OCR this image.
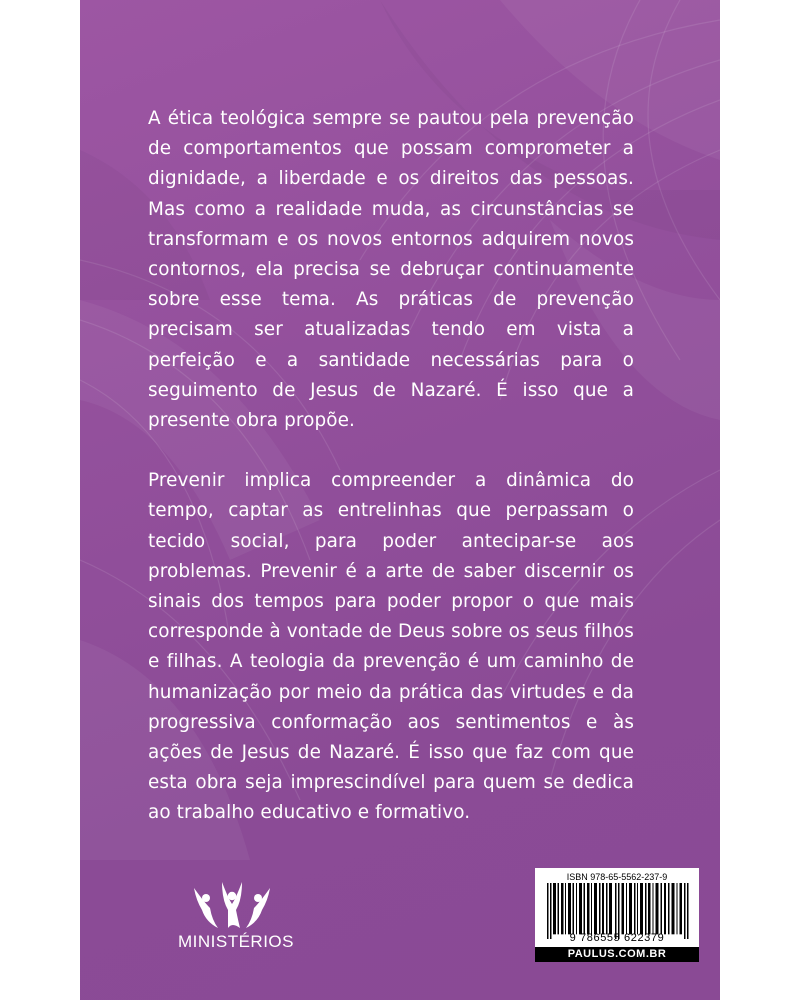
A ética teológica sempre se pautou pela prevenção de comportamentos que possam comprometer a dignidade, a liberdade e os direitos das pessoas. Mas como a realidade muda, as circunstâncias se transformam e os novos entornos adquirem novos contornos, ela precisa se debruçar continuamente sobre esse tema. As práticas de prevenção precisam ser atualizadas tendo em vista a perfeição e a santidade necessárias para o seguimento de Jesus de Nazaré. É isso que a presente obra propõe.

Prevenir implica compreender a dinâmica do tempo, captar as entrelinhas que perpassam o tecido social, para poder antecipar-se aos problemas. Prevenir é a arte de saber discernir os sinais dos tempos para poder propor o que mais corresponde à vontade de Deus sobre os seus filhos e filhas. A teologia da prevenção é um caminho de humanização por meio da prática das virtudes e da progressiva conformação aos sentimentos e às ações de Jesus de Nazaré. É isso que faz com que esta obra seja imprescindível para quem se dedica ao trabalho educativo e formativo.

MINISTÉRIOS
ISBN 978-65-5562-237-9
9 786555 622379
PAULUS.COM.BR
